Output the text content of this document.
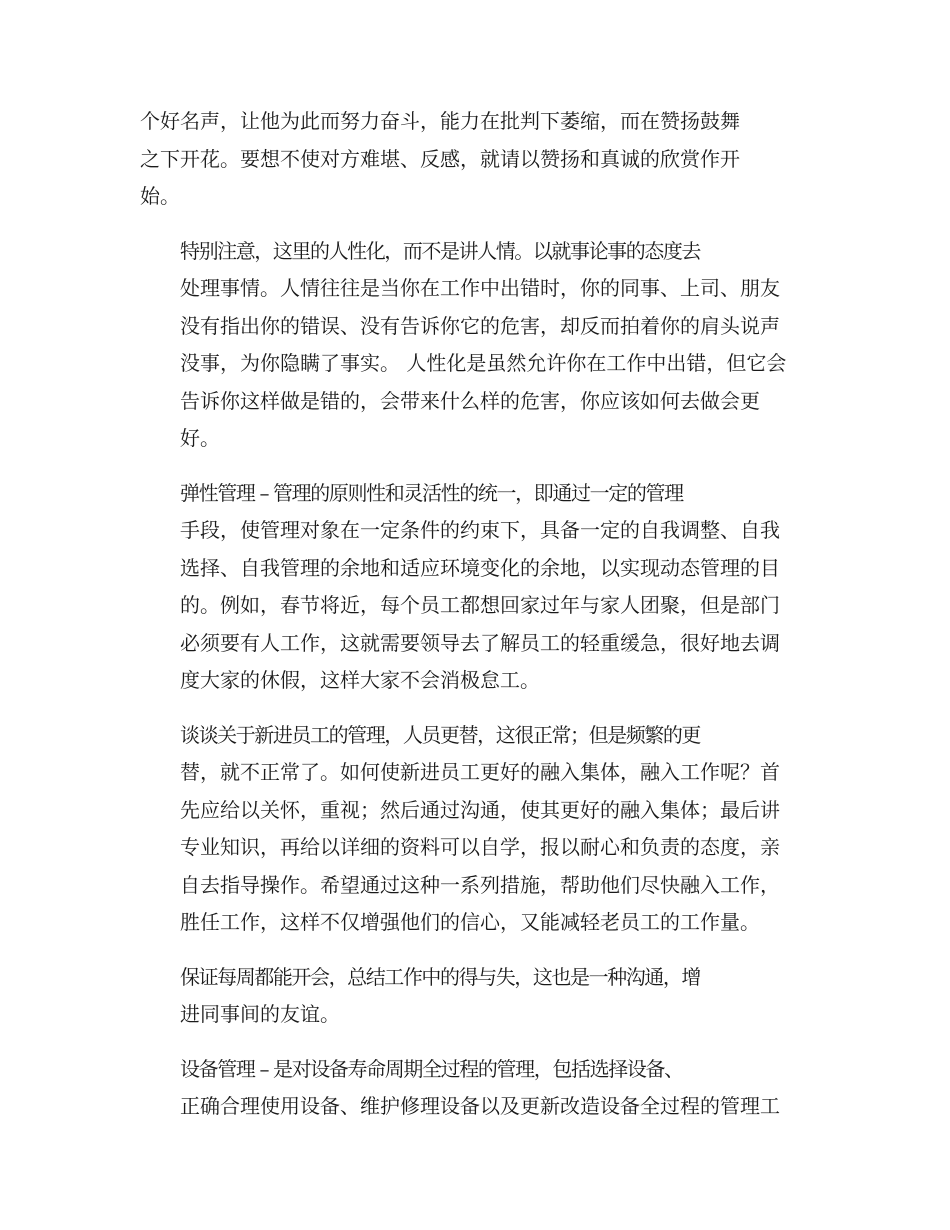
个好名声，让他为此而努力奋斗，能力在批判下萎缩，而在赞扬鼓舞
之下开花。要想不使对方难堪、反感，就请以赞扬和真诚的欣赏作开
始。

特别注意，这里的人性化，而不是讲人情。以就事论事的态度去
处理事情。人情往往是当你在工作中出错时，你的同事、上司、朋友
没有指出你的错误、没有告诉你它的危害，却反而拍着你的肩头说声
没事，为你隐瞒了事实。 人性化是虽然允许你在工作中出错，但它会
告诉你这样做是错的，会带来什么样的危害，你应该如何去做会更
好。

弹性管理 – 管理的原则性和灵活性的统一，即通过一定的管理
手段，使管理对象在一定条件的约束下，具备一定的自我调整、自我
选择、自我管理的余地和适应环境变化的余地，以实现动态管理的目
的。例如，春节将近，每个员工都想回家过年与家人团聚，但是部门
必须要有人工作，这就需要领导去了解员工的轻重缓急，很好地去调
度大家的休假，这样大家不会消极怠工。

谈谈关于新进员工的管理，人员更替，这很正常；但是频繁的更
替，就不正常了。如何使新进员工更好的融入集体，融入工作呢？首
先应给以关怀，重视；然后通过沟通，使其更好的融入集体；最后讲
专业知识，再给以详细的资料可以自学，报以耐心和负责的态度，亲
自去指导操作。希望通过这种一系列措施，帮助他们尽快融入工作，
胜任工作，这样不仅增强他们的信心，又能减轻老员工的工作量。

保证每周都能开会，总结工作中的得与失，这也是一种沟通，增
进同事间的友谊。

设备管理 – 是对设备寿命周期全过程的管理，包括选择设备、
正确合理使用设备、维护修理设备以及更新改造设备全过程的管理工
